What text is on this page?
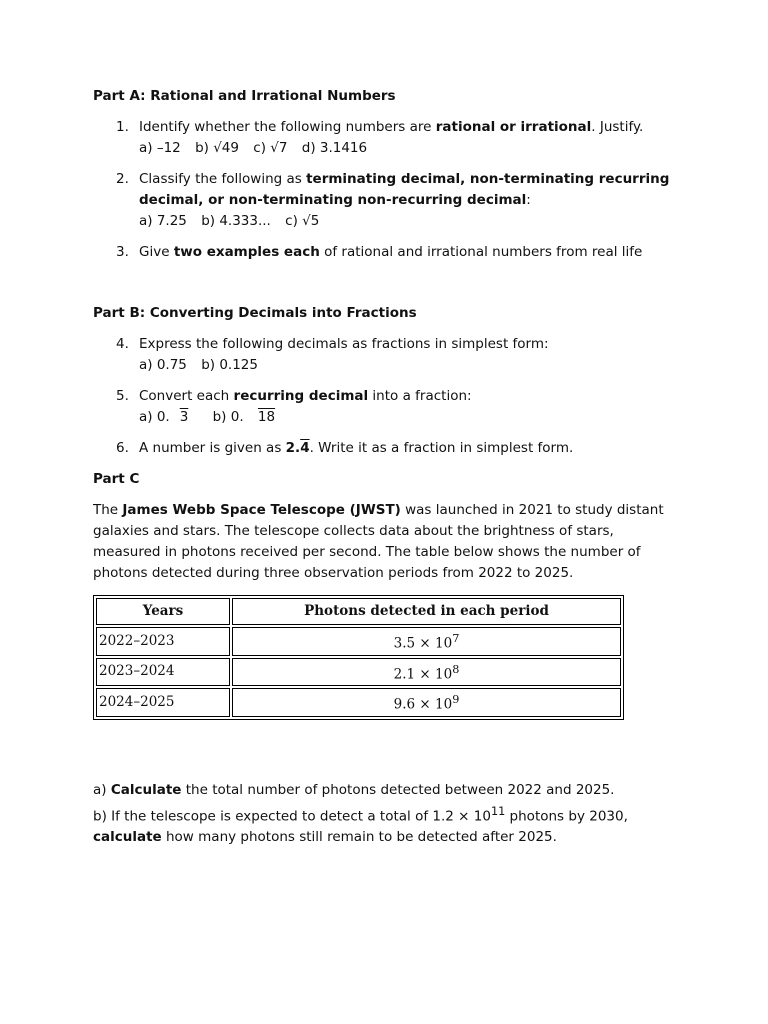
Part A: Rational and Irrational Numbers

1. Identify whether the following numbers are rational or irrational. Justify.
a) –12 b) √49 c) √7 d) 3.1416
2. Classify the following as terminating decimal, non-terminating recurring decimal, or non-terminating non-recurring decimal:
a) 7.25 b) 4.333... c) √5
3. Give two examples each of rational and irrational numbers from real life

Part B: Converting Decimals into Fractions

4. Express the following decimals as fractions in simplest form:
a) 0.75 b) 0.125
5. Convert each recurring decimal into a fraction:
a) 0. 3 b) 0. 18
6. A number is given as 2.4. Write it as a fraction in simplest form.

Part C

The James Webb Space Telescope (JWST) was launched in 2021 to study distant galaxies and stars. The telescope collects data about the brightness of stars, measured in photons received per second. The table below shows the number of photons detected during three observation periods from 2022 to 2025.

Years	Photons detected in each period
2022–2023	$3.5 \times 10^7$
2023–2024	$2.1 \times 10^8$
2024–2025	$9.6 \times 10^9$

a) Calculate the total number of photons detected between 2022 and 2025.

b) If the telescope is expected to detect a total of $1.2 \times 10^{11}$ photons by 2030, calculate how many photons still remain to be detected after 2025.
